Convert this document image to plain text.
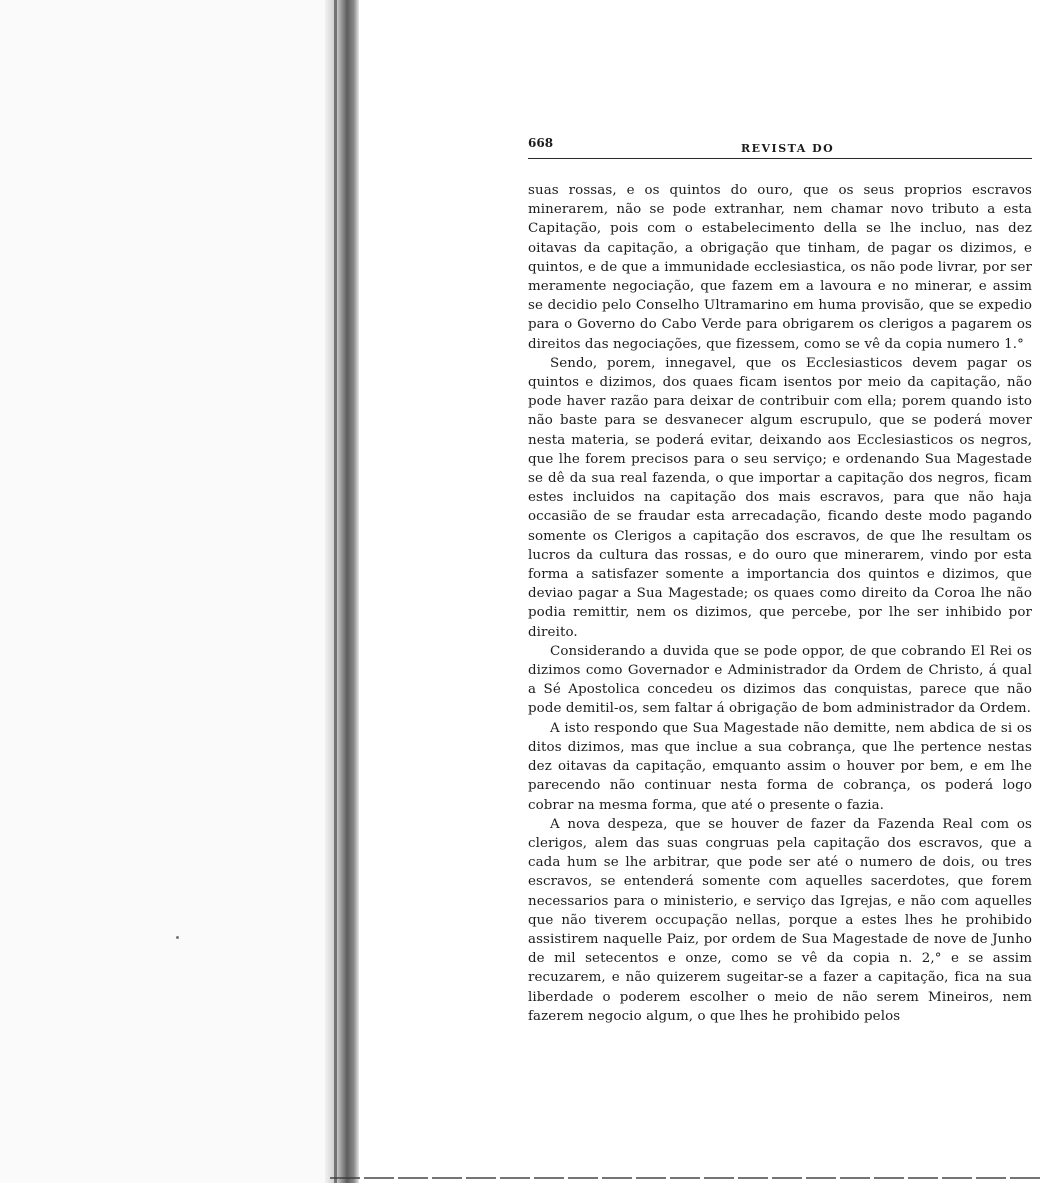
668	REVISTA DO

suas rossas, e os quintos do ouro, que os seus proprios escravos minerarem, não se pode extranhar, nem chamar novo tributo a esta Capitação, pois com o estabelecimento della se lhe incluo, nas dez oitavas da capitação, a obrigação que tinham, de pagar os dizimos, e quintos, e de que a immunidade ecclesiastica, os não pode livrar, por ser meramente negociação, que fazem em a lavoura e no minerar, e assim se decidio pelo Conselho Ultramarino em huma provisão, que se expedio para o Governo do Cabo Verde para obrigarem os clerigos a pagarem os direitos das negociações, que fizessem, como se vê da copia numero 1.°

Sendo, porem, innegavel, que os Ecclesiasticos devem pagar os quintos e dizimos, dos quaes ficam isentos por meio da capitação, não pode haver razão para deixar de contribuir com ella; porem quando isto não baste para se desvanecer algum escrupulo, que se poderá mover nesta materia, se poderá evitar, deixando aos Ecclesiasticos os negros, que lhe forem precisos para o seu serviço; e ordenando Sua Magestade se dê da sua real fazenda, o que importar a capitação dos negros, ficam estes incluidos na capitação dos mais escravos, para que não haja occasião de se fraudar esta arrecadação, ficando deste modo pagando somente os Clerigos a capitação dos escravos, de que lhe resultam os lucros da cultura das rossas, e do ouro que minerarem, vindo por esta forma a satisfazer somente a importancia dos quintos e dizimos, que deviao pagar a Sua Magestade; os quaes como direito da Coroa lhe não podia remittir, nem os dizimos, que percebe, por lhe ser inhibido por direito.

Considerando a duvida que se pode oppor, de que cobrando El Rei os dizimos como Governador e Administrador da Ordem de Christo, á qual a Sé Apostolica concedeu os dizimos das conquistas, parece que não pode demitil-os, sem faltar á obrigação de bom administrador da Ordem.

A isto respondo que Sua Magestade não demitte, nem abdica de si os ditos dizimos, mas que inclue a sua cobrança, que lhe pertence nestas dez oitavas da capitação, emquanto assim o houver por bem, e em lhe parecendo não continuar nesta forma de cobrança, os poderá logo cobrar na mesma forma, que até o presente o fazia.

A nova despeza, que se houver de fazer da Fazenda Real com os clerigos, alem das suas congruas pela capitação dos escravos, que a cada hum se lhe arbitrar, que pode ser até o numero de dois, ou tres escravos, se entenderá somente com aquelles sacerdotes, que forem necessarios para o ministerio, e serviço das Igrejas, e não com aquelles que não tiverem occupação nellas, porque a estes lhes he prohibido assistirem naquelle Paiz, por ordem de Sua Magestade de nove de Junho de mil setecentos e onze, como se vê da copia n. 2,° e se assim recuzarem, e não quizerem sugeitar-se a fazer a capitação, fica na sua liberdade o poderem escolher o meio de não serem Mineiros, nem fazerem negocio algum, o que lhes he prohibido pelos
